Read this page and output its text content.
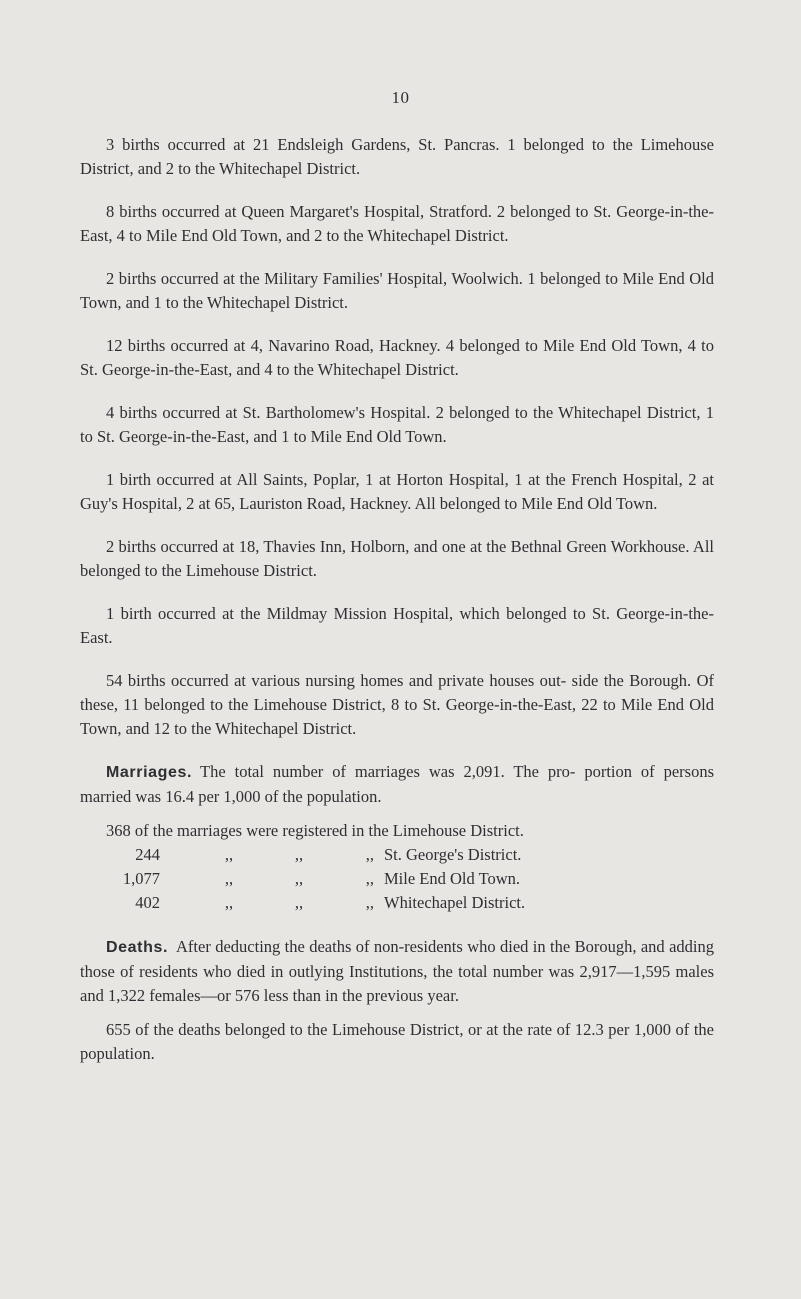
10

3 births occurred at 21 Endsleigh Gardens, St. Pancras. 1 belonged to the Limehouse District, and 2 to the Whitechapel District.

8 births occurred at Queen Margaret's Hospital, Stratford. 2 belonged to St. George-in-the-East, 4 to Mile End Old Town, and 2 to the Whitechapel District.

2 births occurred at the Military Families' Hospital, Woolwich. 1 belonged to Mile End Old Town, and 1 to the Whitechapel District.

12 births occurred at 4, Navarino Road, Hackney. 4 belonged to Mile End Old Town, 4 to St. George-in-the-East, and 4 to the Whitechapel District.

4 births occurred at St. Bartholomew's Hospital. 2 belonged to the Whitechapel District, 1 to St. George-in-the-East, and 1 to Mile End Old Town.

1 birth occurred at All Saints, Poplar, 1 at Horton Hospital, 1 at the French Hospital, 2 at Guy's Hospital, 2 at 65, Lauriston Road, Hackney. All belonged to Mile End Old Town.

2 births occurred at 18, Thavies Inn, Holborn, and one at the Bethnal Green Workhouse. All belonged to the Limehouse District.

1 birth occurred at the Mildmay Mission Hospital, which belonged to St. George-in-the-East.

54 births occurred at various nursing homes and private houses out- side the Borough. Of these, 11 belonged to the Limehouse District, 8 to St. George-in-the-East, 22 to Mile End Old Town, and 12 to the Whitechapel District.

Marriages. The total number of marriages was 2,091. The pro- portion of persons married was 16.4 per 1,000 of the population.

368 of the marriages were registered in the Limehouse District.				
244	,,	,,	,,	St. George's District.
1,077	,,	,,	,,	Mile End Old Town.
402	,,	,,	,,	Whitechapel District.

Deaths. After deducting the deaths of non-residents who died in the Borough, and adding those of residents who died in outlying Institutions, the total number was 2,917—1,595 males and 1,322 females—or 576 less than in the previous year.

655 of the deaths belonged to the Limehouse District, or at the rate of 12.3 per 1,000 of the population.
